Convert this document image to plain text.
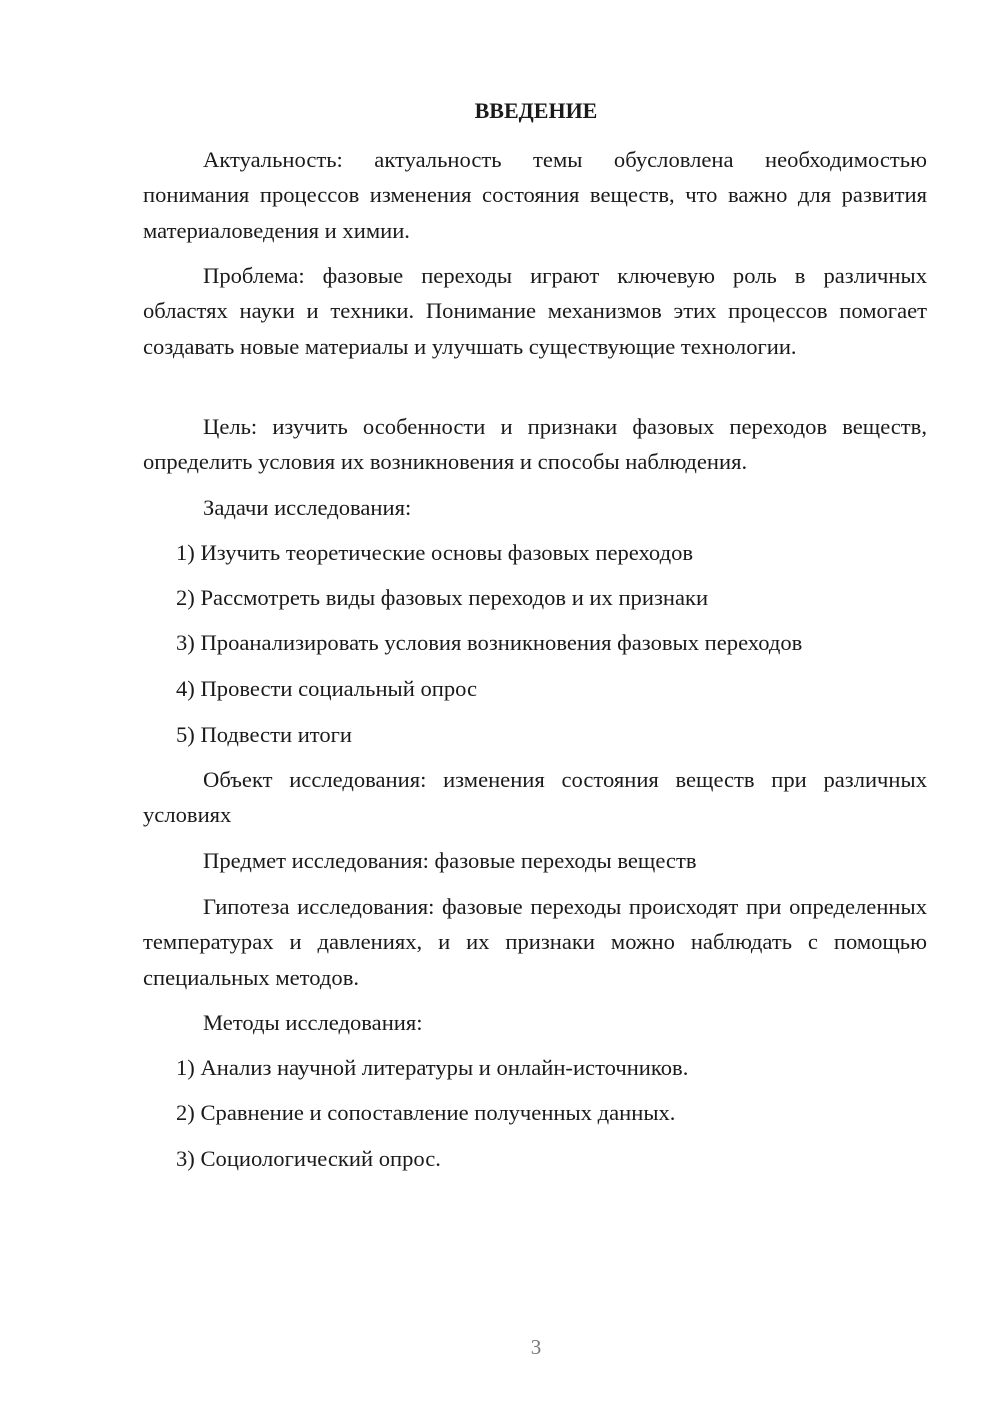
ВВЕДЕНИЕ

Актуальность: актуальность темы обусловлена необходимостью понимания процессов изменения состояния веществ, что важно для развития материаловедения и химии.

Проблема: фазовые переходы играют ключевую роль в различных областях науки и техники. Понимание механизмов этих процессов помогает создавать новые материалы и улучшать существующие технологии.

Цель: изучить особенности и признаки фазовых переходов веществ, определить условия их возникновения и способы наблюдения.

Задачи исследования:
1) Изучить теоретические основы фазовых переходов
2) Рассмотреть виды фазовых переходов и их признаки
3) Проанализировать условия возникновения фазовых переходов
4) Провести социальный опрос
5) Подвести итоги

Объект исследования: изменения состояния веществ при различных условиях

Предмет исследования: фазовые переходы веществ

Гипотеза исследования: фазовые переходы происходят при определенных температурах и давлениях, и их признаки можно наблюдать с помощью специальных методов.

Методы исследования:
1) Анализ научной литературы и онлайн-источников.
2) Сравнение и сопоставление полученных данных.
3) Социологический опрос.
3
